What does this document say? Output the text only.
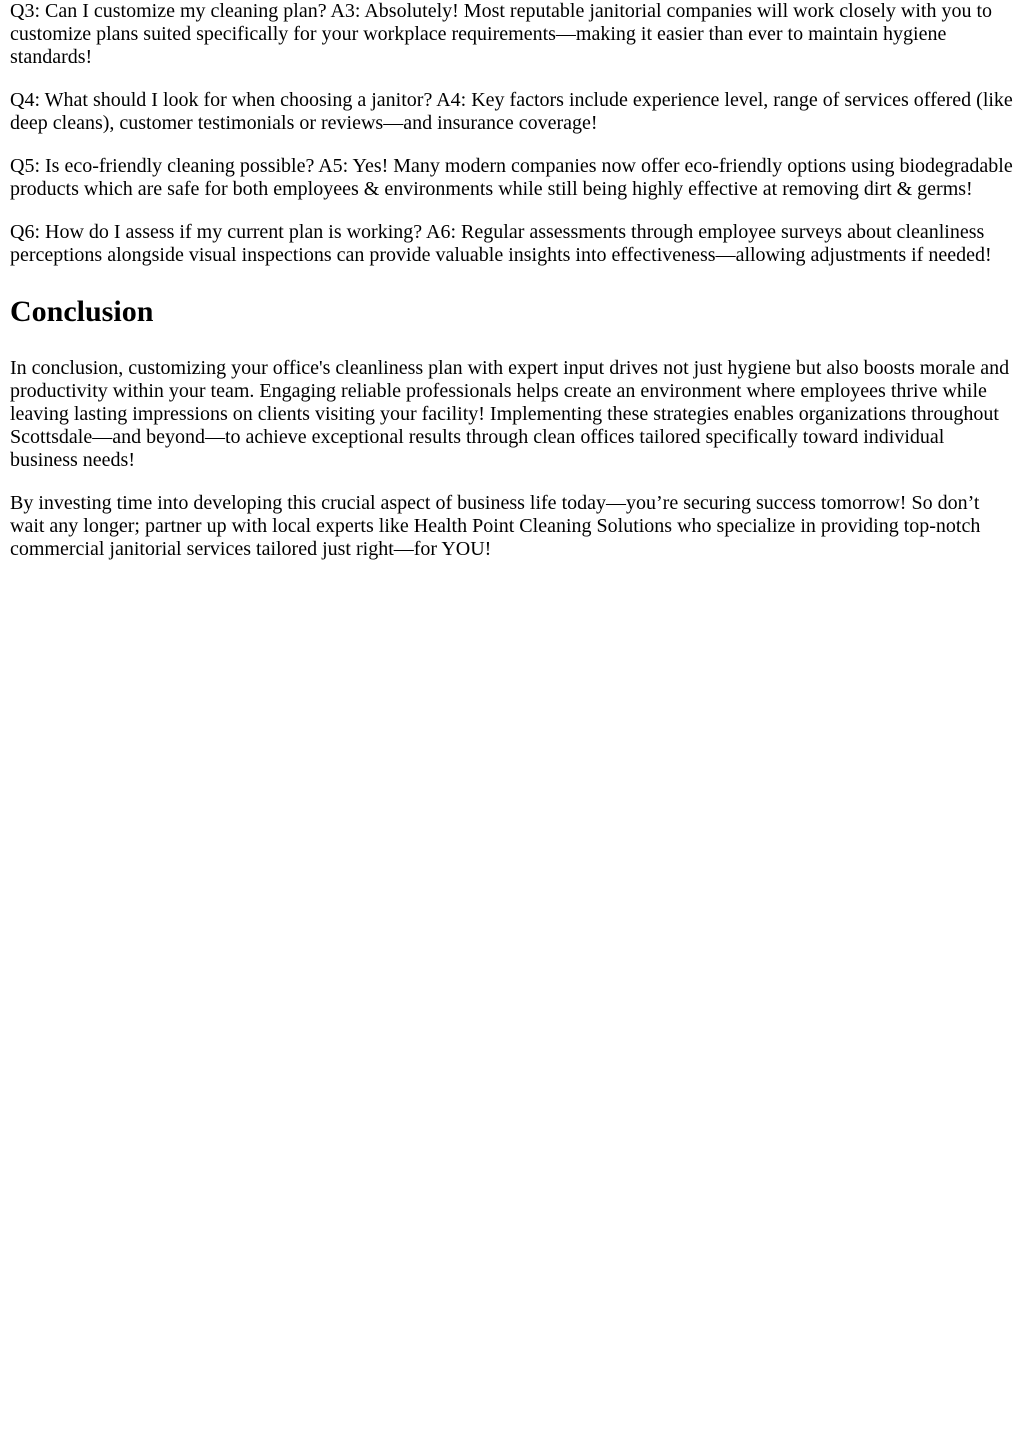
Q3: Can I customize my cleaning plan? A3: Absolutely! Most reputable janitorial companies will work closely with you to customize plans suited specifically for your workplace requirements—making it easier than ever to maintain hygiene standards!

Q4: What should I look for when choosing a janitor? A4: Key factors include experience level, range of services offered (like deep cleans), customer testimonials or reviews—and insurance coverage!

Q5: Is eco-friendly cleaning possible? A5: Yes! Many modern companies now offer eco-friendly options using biodegradable products which are safe for both employees & environments while still being highly effective at removing dirt & germs!

Q6: How do I assess if my current plan is working? A6: Regular assessments through employee surveys about cleanliness perceptions alongside visual inspections can provide valuable insights into effectiveness—allowing adjustments if needed!

Conclusion

In conclusion, customizing your office's cleanliness plan with expert input drives not just hygiene but also boosts morale and productivity within your team. Engaging reliable professionals helps create an environment where employees thrive while leaving lasting impressions on clients visiting your facility! Implementing these strategies enables organizations throughout Scottsdale—and beyond—to achieve exceptional results through clean offices tailored specifically toward individual business needs!

By investing time into developing this crucial aspect of business life today—you’re securing success tomorrow! So don’t wait any longer; partner up with local experts like Health Point Cleaning Solutions who specialize in providing top-notch commercial janitorial services tailored just right—for YOU!
